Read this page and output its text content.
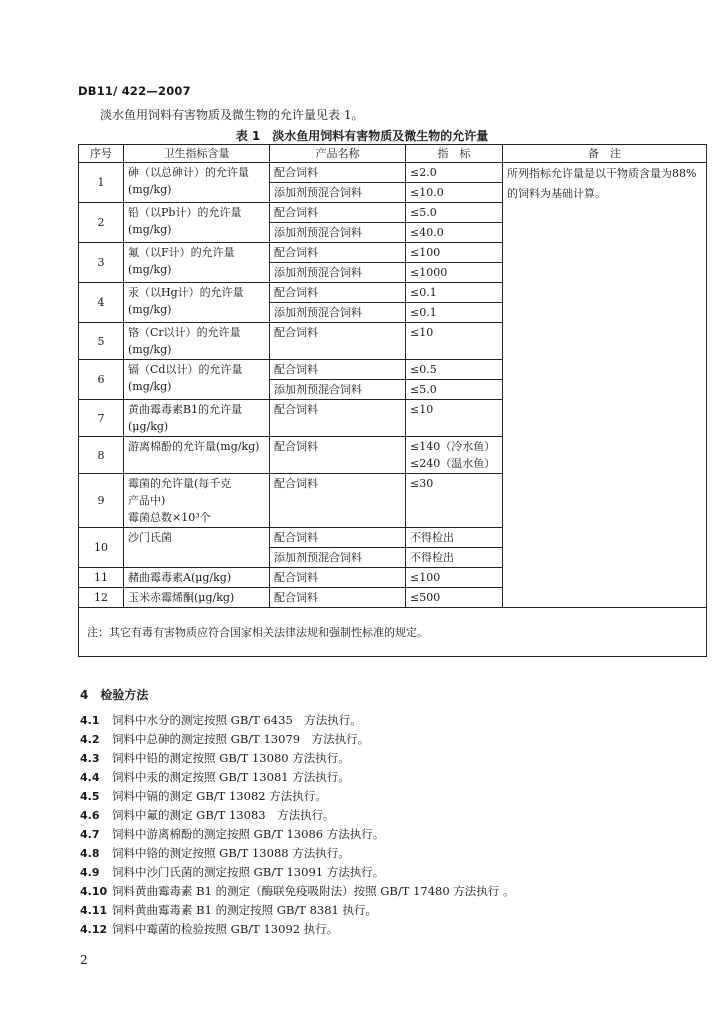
DB11/ 422—2007
淡水鱼用饲料有害物质及微生物的允许量见表 1。
表 1　淡水鱼用饲料有害物质及微生物的允许量
序号	卫生指标含量	产品名称	指　标	备　注
1	砷（以总砷计）的允许量(mg/kg)	配合饲料	≤2.0	所列指标允许量是以干物质含量为88%的饲料为基础计算。
		添加剂预混合饲料	≤10.0	
2	铅（以Pb计）的允许量(mg/kg)	配合饲料	≤5.0	
		添加剂预混合饲料	≤40.0	
3	氟（以F计）的允许量(mg/kg)	配合饲料	≤100	
		添加剂预混合饲料	≤1000	
4	汞（以Hg计）的允许量(mg/kg)	配合饲料	≤0.1	
		添加剂预混合饲料	≤0.1	
5	铬（Cr以计）的允许量(mg/kg)	配合饲料	≤10	

6	镉（Cd以计）的允许量(mg/kg)	配合饲料	≤0.5	
		添加剂预混合饲料	≤5.0	
7	黄曲霉毒素B1的允许量(μg/kg)	配合饲料	≤10	

8	游离棉酚的允许量(mg/kg)	配合饲料	≤140（冷水鱼）
≤240（温水鱼）	

9	霉菌的允许量(每千克
产品中)
霉菌总数×10³个	配合饲料	≤30	

10	沙门氏菌	配合饲料	不得检出	
		添加剂预混合饲料	不得检出	
11	赭曲霉毒素A(μg/kg)	配合饲料	≤100	
12	玉米赤霉烯酮(μg/kg)	配合饲料	≤500	
注：其它有毒有害物质应符合国家相关法律法规和强制性标准的规定。				
4 检验方法
4.1 饲料中水分的测定按照 GB/T 6435　方法执行。
4.2 饲料中总砷的测定按照 GB/T 13079　方法执行。
4.3 饲料中铅的测定按照 GB/T 13080 方法执行。
4.4 饲料中汞的测定按照 GB/T 13081 方法执行。
4.5 饲料中镉的测定 GB/T 13082 方法执行。
4.6 饲料中氟的测定 GB/T 13083　方法执行。
4.7 饲料中游离棉酚的测定按照 GB/T 13086 方法执行。
4.8 饲料中铬的测定按照 GB/T 13088 方法执行。
4.9 饲料中沙门氏菌的测定按照 GB/T 13091 方法执行。
4.10 饲料黄曲霉毒素 B1 的测定（酶联免疫吸附法）按照 GB/T 17480 方法执行 。
4.11 饲料黄曲霉毒素 B1 的测定按照 GB/T 8381 执行。
4.12 饲料中霉菌的检验按照 GB/T 13092 执行。
2
